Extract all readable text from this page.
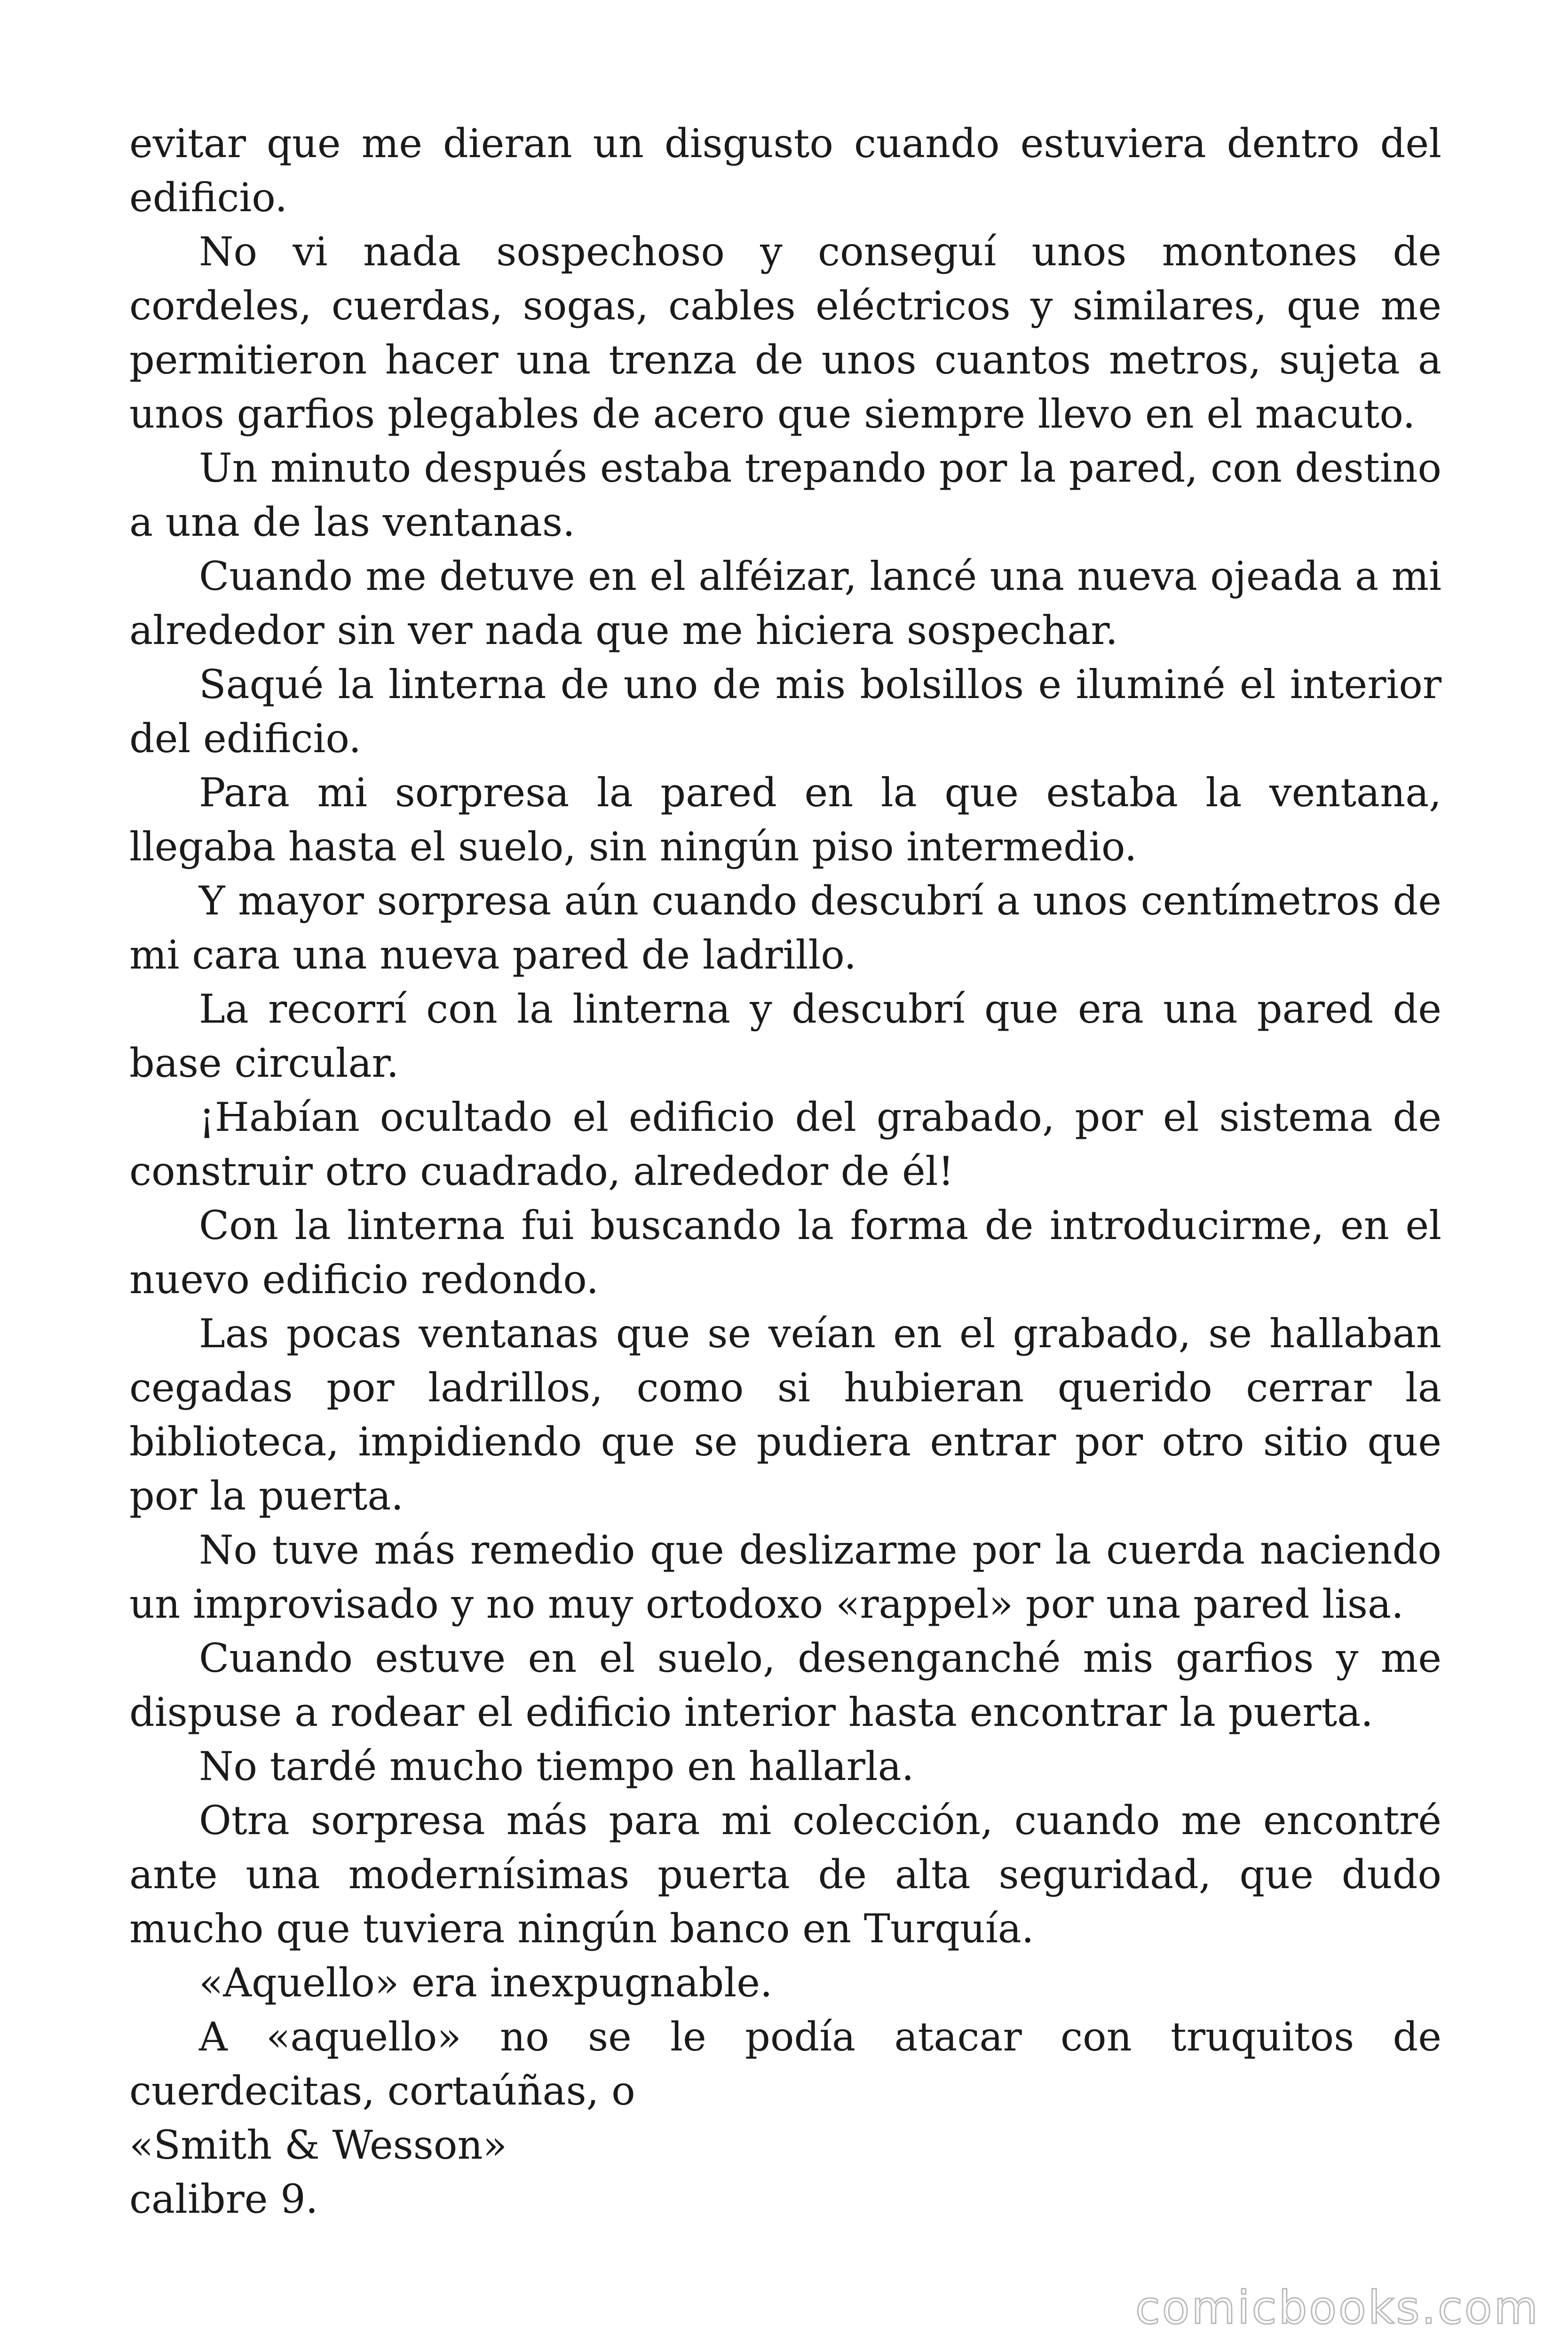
evitar que me dieran un disgusto cuando estuviera dentro del edificio.

No vi nada sospechoso y conseguí unos montones de cordeles, cuerdas, sogas, cables eléctricos y similares, que me permitieron hacer una trenza de unos cuantos metros, sujeta a unos garfios plegables de acero que siempre llevo en el macuto.

Un minuto después estaba trepando por la pared, con destino a una de las ventanas.

Cuando me detuve en el alféizar, lancé una nueva ojeada a mi alrededor sin ver nada que me hiciera sospechar.

Saqué la linterna de uno de mis bolsillos e iluminé el interior del edificio.

Para mi sorpresa la pared en la que estaba la ventana, llegaba hasta el suelo, sin ningún piso intermedio.

Y mayor sorpresa aún cuando descubrí a unos centímetros de mi cara una nueva pared de ladrillo.

La recorrí con la linterna y descubrí que era una pared de base circular.

¡Habían ocultado el edificio del grabado, por el sistema de construir otro cuadrado, alrededor de él!

Con la linterna fui buscando la forma de introducirme, en el nuevo edificio redondo.

Las pocas ventanas que se veían en el grabado, se hallaban cegadas por ladrillos, como si hubieran querido cerrar la biblioteca, impidiendo que se pudiera entrar por otro sitio que por la puerta.

No tuve más remedio que deslizarme por la cuerda naciendo un improvisado y no muy ortodoxo «rappel» por una pared lisa.

Cuando estuve en el suelo, desenganché mis garfios y me dispuse a rodear el edificio interior hasta encontrar la puerta.

No tardé mucho tiempo en hallarla.

Otra sorpresa más para mi colección, cuando me encontré ante una modernísimas puerta de alta seguridad, que dudo mucho que tuviera ningún banco en Turquía.

«Aquello» era inexpugnable.

A «aquello» no se le podía atacar con truquitos de cuerdecitas, cortaúñas, o

«Smith & Wesson»

calibre 9.

comicbooks.com
